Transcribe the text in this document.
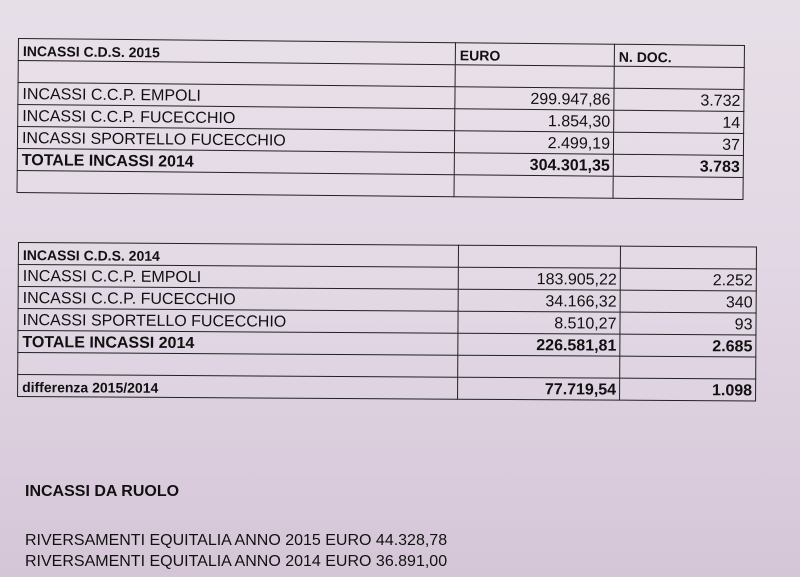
INCASSI C.D.S. 2015	EURO	N. DOC.

INCASSI C.C.P. EMPOLI	299.947,86	3.732
INCASSI C.C.P. FUCECCHIO	1.854,30	14
INCASSI SPORTELLO FUCECCHIO	2.499,19	37
TOTALE INCASSI 2014	304.301,35	3.783

INCASSI C.D.S. 2014		
INCASSI C.C.P. EMPOLI	183.905,22	2.252
INCASSI C.C.P. FUCECCHIO	34.166,32	340
INCASSI SPORTELLO FUCECCHIO	8.510,27	93
TOTALE INCASSI 2014	226.581,81	2.685

differenza 2015/2014	77.719,54	1.098
INCASSI DA RUOLO
RIVERSAMENTI EQUITALIA ANNO 2015 EURO 44.328,78
RIVERSAMENTI EQUITALIA ANNO 2014 EURO 36.891,00
